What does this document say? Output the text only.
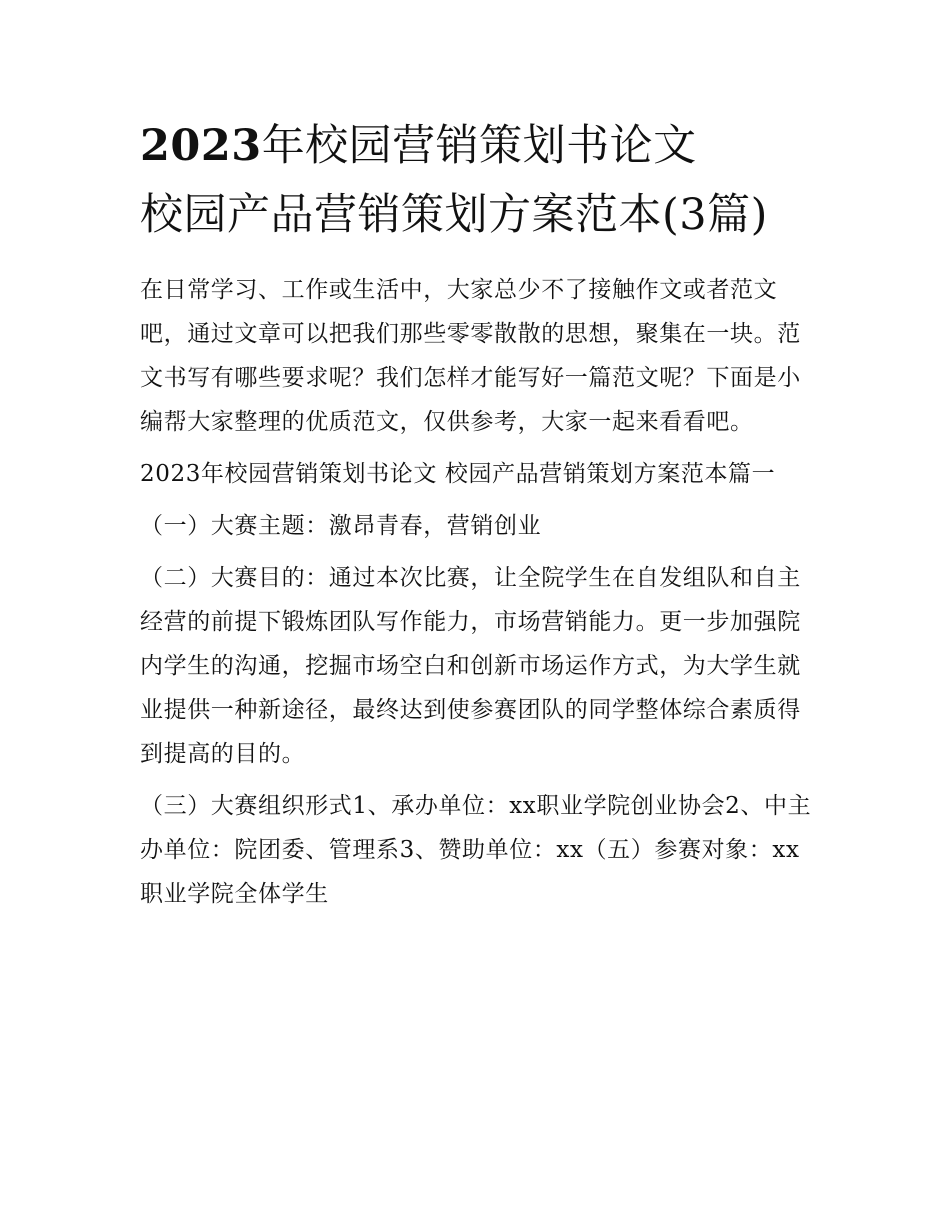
2023年校园营销策划书论文
校园产品营销策划方案范本(3篇)

在日常学习、工作或生活中，大家总少不了接触作文或者范文吧，通过文章可以把我们那些零零散散的思想，聚集在一块。范文书写有哪些要求呢？我们怎样才能写好一篇范文呢？下面是小编帮大家整理的优质范文，仅供参考，大家一起来看看吧。

2023年校园营销策划书论文 校园产品营销策划方案范本篇一

（一）大赛主题：激昂青春，营销创业

（二）大赛目的：通过本次比赛，让全院学生在自发组队和自主经营的前提下锻炼团队写作能力，市场营销能力。更一步加强院内学生的沟通，挖掘市场空白和创新市场运作方式，为大学生就业提供一种新途径，最终达到使参赛团队的同学整体综合素质得到提高的目的。

（三）大赛组织形式1、承办单位：xx职业学院创业协会2、中主办单位：院团委、管理系3、赞助单位：xx（五）参赛对象：xx职业学院全体学生
